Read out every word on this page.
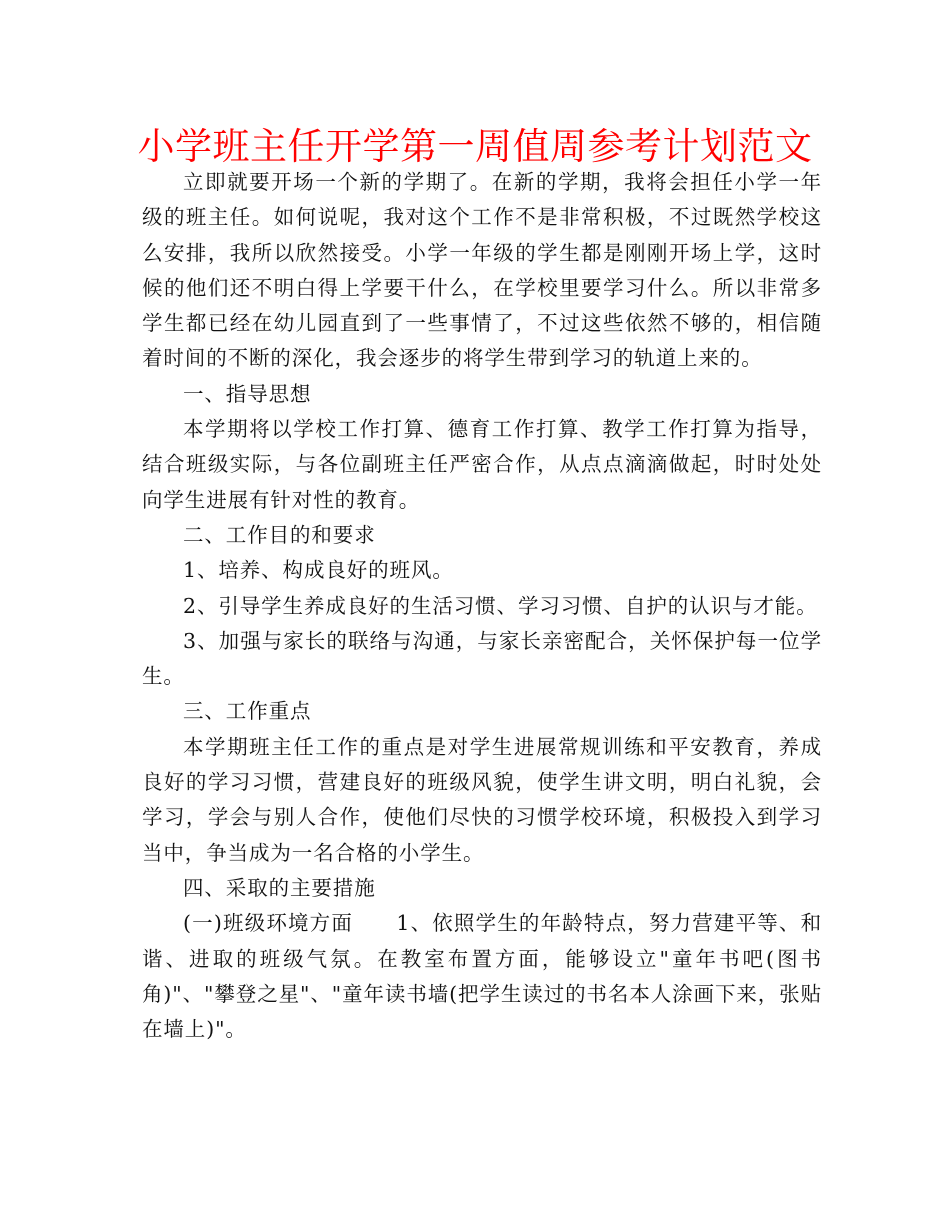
小学班主任开学第一周值周参考计划范文

立即就要开场一个新的学期了。在新的学期，我将会担任小学一年级的班主任。如何说呢，我对这个工作不是非常积极，不过既然学校这么安排，我所以欣然接受。小学一年级的学生都是刚刚开场上学，这时候的他们还不明白得上学要干什么，在学校里要学习什么。所以非常多学生都已经在幼儿园直到了一些事情了，不过这些依然不够的，相信随着时间的不断的深化，我会逐步的将学生带到学习的轨道上来的。

一、指导思想

本学期将以学校工作打算、德育工作打算、教学工作打算为指导，结合班级实际，与各位副班主任严密合作，从点点滴滴做起，时时处处向学生进展有针对性的教育。

二、工作目的和要求

1、培养、构成良好的班风。

2、引导学生养成良好的生活习惯、学习习惯、自护的认识与才能。

3、加强与家长的联络与沟通，与家长亲密配合，关怀保护每一位学生。

三、工作重点

本学期班主任工作的重点是对学生进展常规训练和平安教育，养成良好的学习习惯，营建良好的班级风貌，使学生讲文明，明白礼貌，会学习，学会与别人合作，使他们尽快的习惯学校环境，积极投入到学习当中，争当成为一名合格的小学生。

四、采取的主要措施

(一)班级环境方面　　1、依照学生的年龄特点，努力营建平等、和谐、进取的班级气氛。在教室布置方面，能够设立"童年书吧(图书角)"、"攀登之星"、"童年读书墙(把学生读过的书名本人涂画下来，张贴在墙上)"。
